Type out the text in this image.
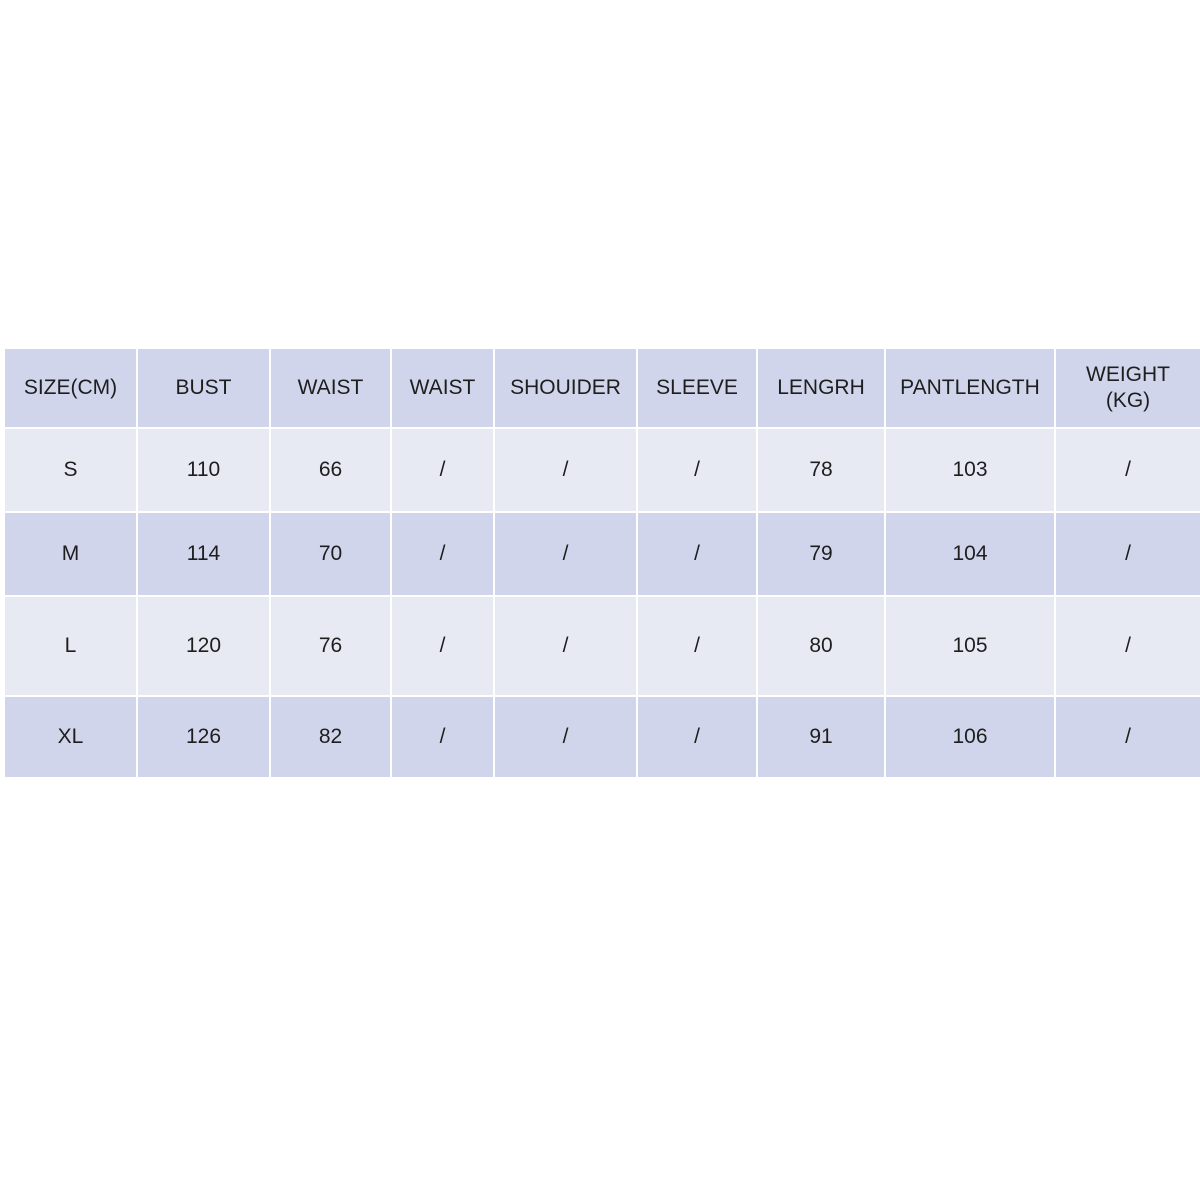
SIZE(CM)	BUST	WAIST	WAIST	SHOUIDER	SLEEVE	LENGRH	PANTLENGTH	WEIGHT (KG)
S	110	66	/	/	/	78	103	/
M	114	70	/	/	/	79	104	/
L	120	76	/	/	/	80	105	/
XL	126	82	/	/	/	91	106	/
